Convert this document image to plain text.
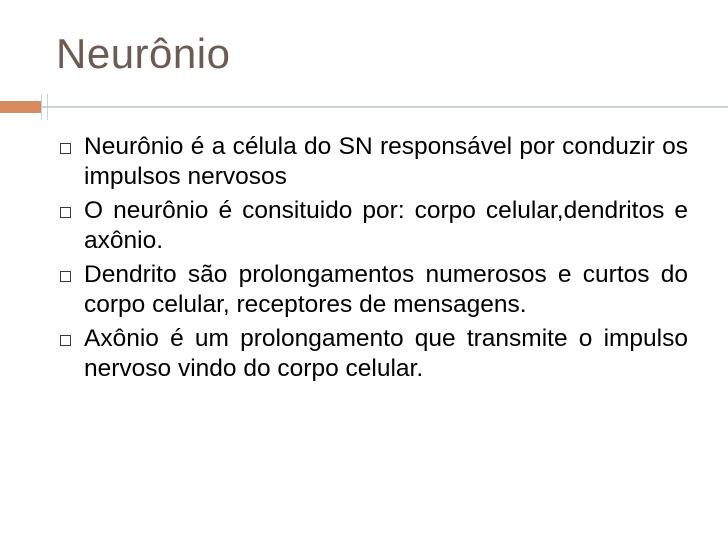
Neurônio
Neurônio é a célula do SN responsável por conduzir os impulsos nervosos
O neurônio é consituido por: corpo celular,dendritos e axônio.
Dendrito são prolongamentos numerosos e curtos do corpo celular, receptores de mensagens.
Axônio é um prolongamento que transmite o impulso nervoso vindo do corpo celular.
